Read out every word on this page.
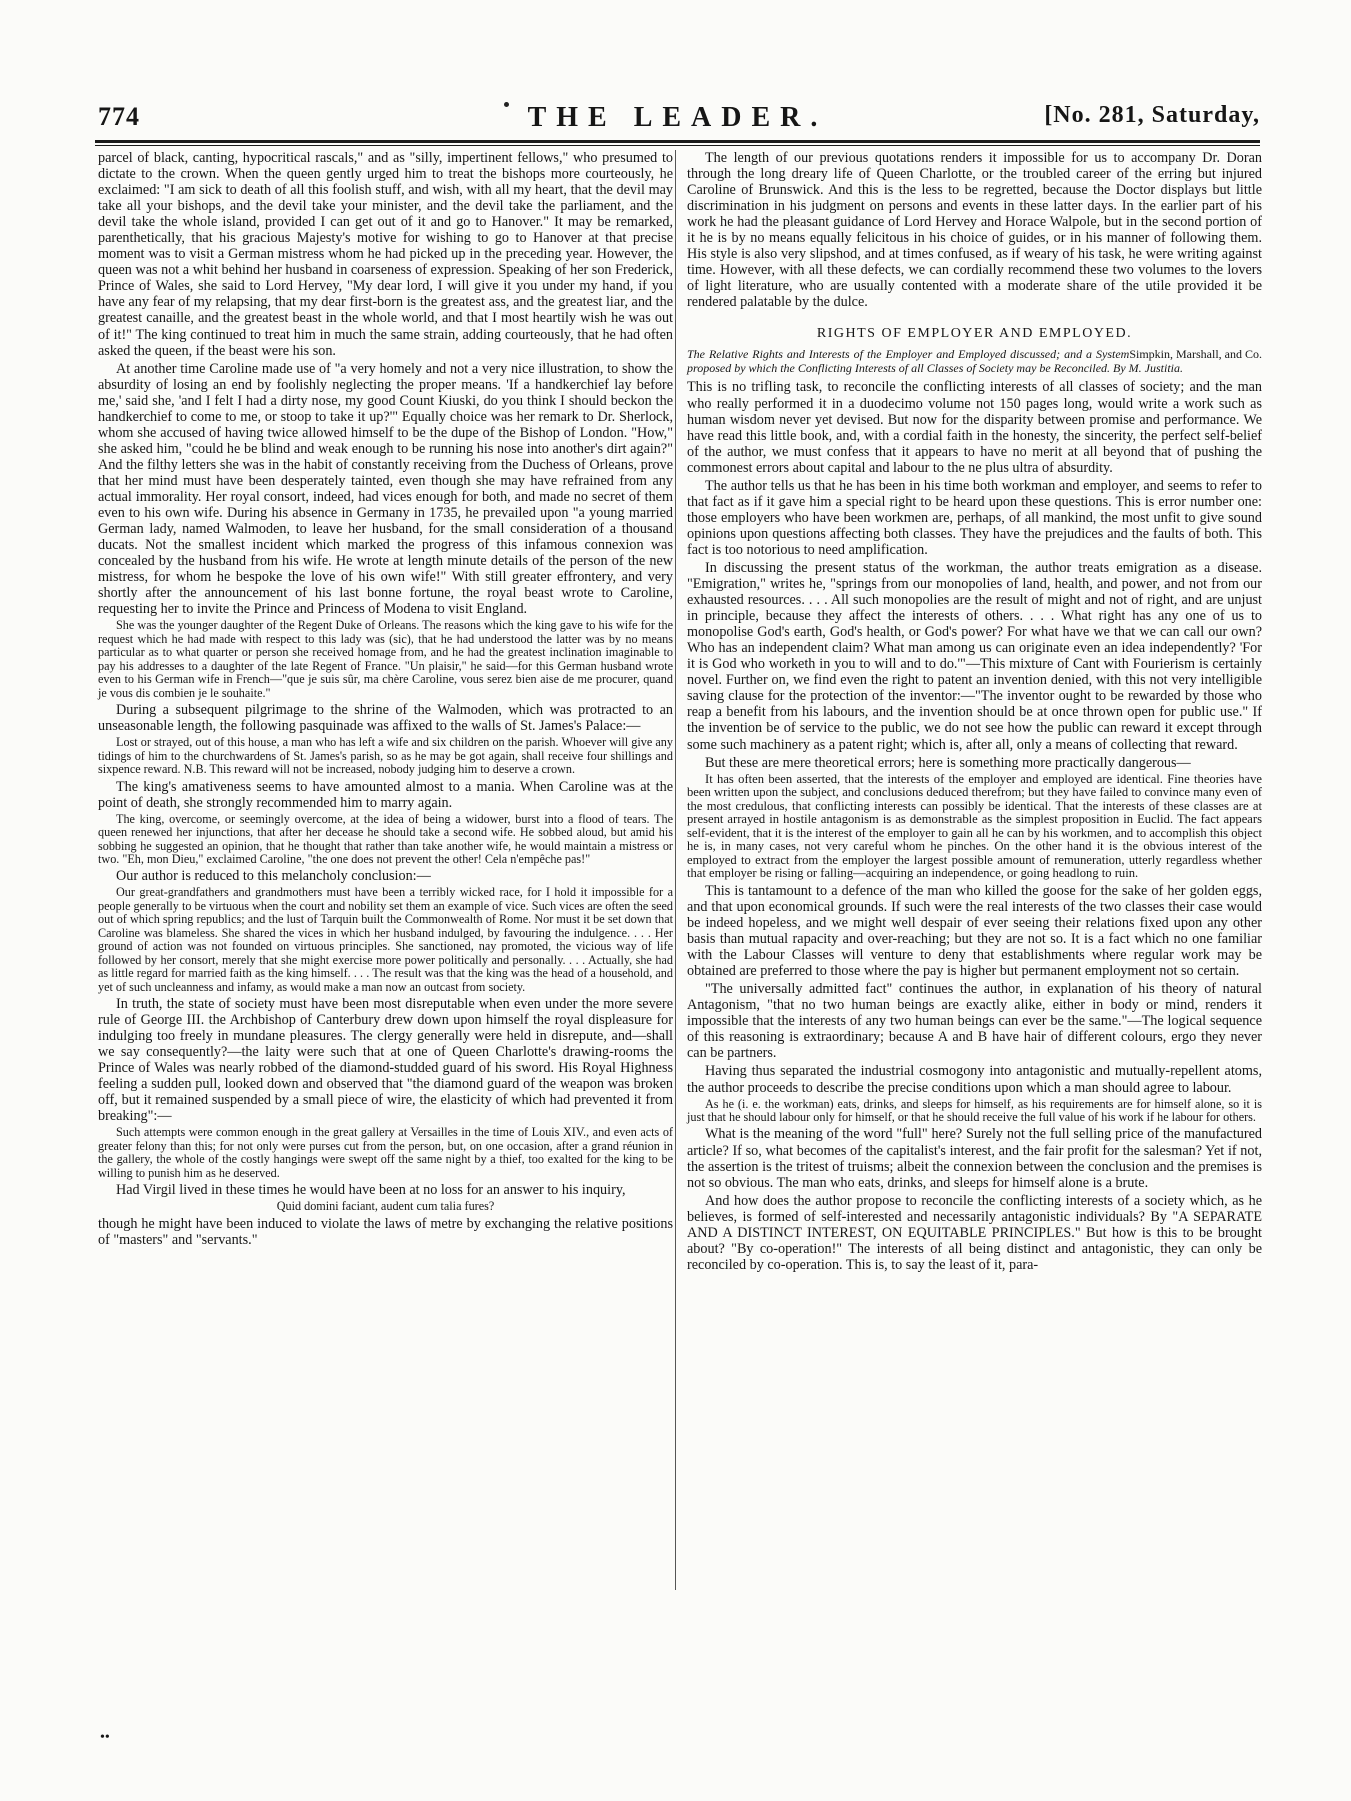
774	THE LEADER.	[No. 281, Saturday,

parcel of black, canting, hypocritical rascals," and as "silly, impertinent fellows," who presumed to dictate to the crown. When the queen gently urged him to treat the bishops more courteously, he exclaimed: "I am sick to death of all this foolish stuff, and wish, with all my heart, that the devil may take all your bishops, and the devil take your minister, and the devil take the parliament, and the devil take the whole island, provided I can get out of it and go to Hanover." It may be remarked, parenthetically, that his gracious Majesty's motive for wishing to go to Hanover at that precise moment was to visit a German mistress whom he had picked up in the preceding year. However, the queen was not a whit behind her husband in coarseness of expression. Speaking of her son Frederick, Prince of Wales, she said to Lord Hervey, "My dear lord, I will give it you under my hand, if you have any fear of my relapsing, that my dear first-born is the greatest ass, and the greatest liar, and the greatest canaille, and the greatest beast in the whole world, and that I most heartily wish he was out of it!" The king continued to treat him in much the same strain, adding courteously, that he had often asked the queen, if the beast were his son.

At another time Caroline made use of "a very homely and not a very nice illustration, to show the absurdity of losing an end by foolishly neglecting the proper means. 'If a handkerchief lay before me,' said she, 'and I felt I had a dirty nose, my good Count Kiuski, do you think I should beckon the handkerchief to come to me, or stoop to take it up?'" Equally choice was her remark to Dr. Sherlock, whom she accused of having twice allowed himself to be the dupe of the Bishop of London. "How," she asked him, "could he be blind and weak enough to be running his nose into another's dirt again?" And the filthy letters she was in the habit of constantly receiving from the Duchess of Orleans, prove that her mind must have been desperately tainted, even though she may have refrained from any actual immorality. Her royal consort, indeed, had vices enough for both, and made no secret of them even to his own wife. During his absence in Germany in 1735, he prevailed upon "a young married German lady, named Walmoden, to leave her husband, for the small consideration of a thousand ducats. Not the smallest incident which marked the progress of this infamous connexion was concealed by the husband from his wife. He wrote at length minute details of the person of the new mistress, for whom he bespoke the love of his own wife!" With still greater effrontery, and very shortly after the announcement of his last bonne fortune, the royal beast wrote to Caroline, requesting her to invite the Prince and Princess of Modena to visit England.

She was the younger daughter of the Regent Duke of Orleans. The reasons which the king gave to his wife for the request which he had made with respect to this lady was (sic), that he had understood the latter was by no means particular as to what quarter or person she received homage from, and he had the greatest inclination imaginable to pay his addresses to a daughter of the late Regent of France. "Un plaisir," he said—for this German husband wrote even to his German wife in French—"que je suis sûr, ma chère Caroline, vous serez bien aise de me procurer, quand je vous dis combien je le souhaite."

During a subsequent pilgrimage to the shrine of the Walmoden, which was protracted to an unseasonable length, the following pasquinade was affixed to the walls of St. James's Palace:—

Lost or strayed, out of this house, a man who has left a wife and six children on the parish. Whoever will give any tidings of him to the churchwardens of St. James's parish, so as he may be got again, shall receive four shillings and sixpence reward. N.B. This reward will not be increased, nobody judging him to deserve a crown.

The king's amativeness seems to have amounted almost to a mania. When Caroline was at the point of death, she strongly recommended him to marry again.

The king, overcome, or seemingly overcome, at the idea of being a widower, burst into a flood of tears. The queen renewed her injunctions, that after her decease he should take a second wife. He sobbed aloud, but amid his sobbing he suggested an opinion, that he thought that rather than take another wife, he would maintain a mistress or two. "Eh, mon Dieu," exclaimed Caroline, "the one does not prevent the other! Cela n'empêche pas!"

Our author is reduced to this melancholy conclusion:—

Our great-grandfathers and grandmothers must have been a terribly wicked race, for I hold it impossible for a people generally to be virtuous when the court and nobility set them an example of vice. Such vices are often the seed out of which spring republics; and the lust of Tarquin built the Commonwealth of Rome. Nor must it be set down that Caroline was blameless. She shared the vices in which her husband indulged, by favouring the indulgence. . . . Her ground of action was not founded on virtuous principles. She sanctioned, nay promoted, the vicious way of life followed by her consort, merely that she might exercise more power politically and personally. . . . Actually, she had as little regard for married faith as the king himself. . . . The result was that the king was the head of a household, and yet of such uncleanness and infamy, as would make a man now an outcast from society.

In truth, the state of society must have been most disreputable when even under the more severe rule of George III. the Archbishop of Canterbury drew down upon himself the royal displeasure for indulging too freely in mundane pleasures. The clergy generally were held in disrepute, and—shall we say consequently?—the laity were such that at one of Queen Charlotte's drawing-rooms the Prince of Wales was nearly robbed of the diamond-studded guard of his sword. His Royal Highness feeling a sudden pull, looked down and observed that "the diamond guard of the weapon was broken off, but it remained suspended by a small piece of wire, the elasticity of which had prevented it from breaking":—

Such attempts were common enough in the great gallery at Versailles in the time of Louis XIV., and even acts of greater felony than this; for not only were purses cut from the person, but, on one occasion, after a grand réunion in the gallery, the whole of the costly hangings were swept off the same night by a thief, too exalted for the king to be willing to punish him as he deserved.

Had Virgil lived in these times he would have been at no loss for an answer to his inquiry,

Quid domini faciant, audent cum talia fures?

though he might have been induced to violate the laws of metre by exchanging the relative positions of "masters" and "servants."

The length of our previous quotations renders it impossible for us to accompany Dr. Doran through the long dreary life of Queen Charlotte, or the troubled career of the erring but injured Caroline of Brunswick. And this is the less to be regretted, because the Doctor displays but little discrimination in his judgment on persons and events in these latter days. In the earlier part of his work he had the pleasant guidance of Lord Hervey and Horace Walpole, but in the second portion of it he is by no means equally felicitous in his choice of guides, or in his manner of following them. His style is also very slipshod, and at times confused, as if weary of his task, he were writing against time. However, with all these defects, we can cordially recommend these two volumes to the lovers of light literature, who are usually contented with a moderate share of the utile provided it be rendered palatable by the dulce.

RIGHTS OF EMPLOYER AND EMPLOYED.
Simpkin, Marshall, and Co.
The Relative Rights and Interests of the Employer and Employed discussed; and a System proposed by which the Conflicting Interests of all Classes of Society may be Reconciled. By M. Justitia.

This is no trifling task, to reconcile the conflicting interests of all classes of society; and the man who really performed it in a duodecimo volume not 150 pages long, would write a work such as human wisdom never yet devised. But now for the disparity between promise and performance. We have read this little book, and, with a cordial faith in the honesty, the sincerity, the perfect self-belief of the author, we must confess that it appears to have no merit at all beyond that of pushing the commonest errors about capital and labour to the ne plus ultra of absurdity.

The author tells us that he has been in his time both workman and employer, and seems to refer to that fact as if it gave him a special right to be heard upon these questions. This is error number one: those employers who have been workmen are, perhaps, of all mankind, the most unfit to give sound opinions upon questions affecting both classes. They have the prejudices and the faults of both. This fact is too notorious to need amplification.

In discussing the present status of the workman, the author treats emigration as a disease. "Emigration," writes he, "springs from our monopolies of land, health, and power, and not from our exhausted resources. . . . All such monopolies are the result of might and not of right, and are unjust in principle, because they affect the interests of others. . . . What right has any one of us to monopolise God's earth, God's health, or God's power? For what have we that we can call our own? Who has an independent claim? What man among us can originate even an idea independently? 'For it is God who worketh in you to will and to do.'"—This mixture of Cant with Fourierism is certainly novel. Further on, we find even the right to patent an invention denied, with this not very intelligible saving clause for the protection of the inventor:—"The inventor ought to be rewarded by those who reap a benefit from his labours, and the invention should be at once thrown open for public use." If the invention be of service to the public, we do not see how the public can reward it except through some such machinery as a patent right; which is, after all, only a means of collecting that reward.

But these are mere theoretical errors; here is something more practically dangerous—

It has often been asserted, that the interests of the employer and employed are identical. Fine theories have been written upon the subject, and conclusions deduced therefrom; but they have failed to convince many even of the most credulous, that conflicting interests can possibly be identical. That the interests of these classes are at present arrayed in hostile antagonism is as demonstrable as the simplest proposition in Euclid. The fact appears self-evident, that it is the interest of the employer to gain all he can by his workmen, and to accomplish this object he is, in many cases, not very careful whom he pinches. On the other hand it is the obvious interest of the employed to extract from the employer the largest possible amount of remuneration, utterly regardless whether that employer be rising or falling—acquiring an independence, or going headlong to ruin.

This is tantamount to a defence of the man who killed the goose for the sake of her golden eggs, and that upon economical grounds. If such were the real interests of the two classes their case would be indeed hopeless, and we might well despair of ever seeing their relations fixed upon any other basis than mutual rapacity and over-reaching; but they are not so. It is a fact which no one familiar with the Labour Classes will venture to deny that establishments where regular work may be obtained are preferred to those where the pay is higher but permanent employment not so certain.

"The universally admitted fact" continues the author, in explanation of his theory of natural Antagonism, "that no two human beings are exactly alike, either in body or mind, renders it impossible that the interests of any two human beings can ever be the same."—The logical sequence of this reasoning is extraordinary; because A and B have hair of different colours, ergo they never can be partners.

Having thus separated the industrial cosmogony into antagonistic and mutually-repellent atoms, the author proceeds to describe the precise conditions upon which a man should agree to labour.

As he (i. e. the workman) eats, drinks, and sleeps for himself, as his requirements are for himself alone, so it is just that he should labour only for himself, or that he should receive the full value of his work if he labour for others.

What is the meaning of the word "full" here? Surely not the full selling price of the manufactured article? If so, what becomes of the capitalist's interest, and the fair profit for the salesman? Yet if not, the assertion is the tritest of truisms; albeit the connexion between the conclusion and the premises is not so obvious. The man who eats, drinks, and sleeps for himself alone is a brute.

And how does the author propose to reconcile the conflicting interests of a society which, as he believes, is formed of self-interested and necessarily antagonistic individuals? By "A SEPARATE AND A DISTINCT INTEREST, ON EQUITABLE PRINCIPLES." But how is this to be brought about? "By co-operation!" The interests of all being distinct and antagonistic, they can only be reconciled by co-operation. This is, to say the least of it, para-

••
